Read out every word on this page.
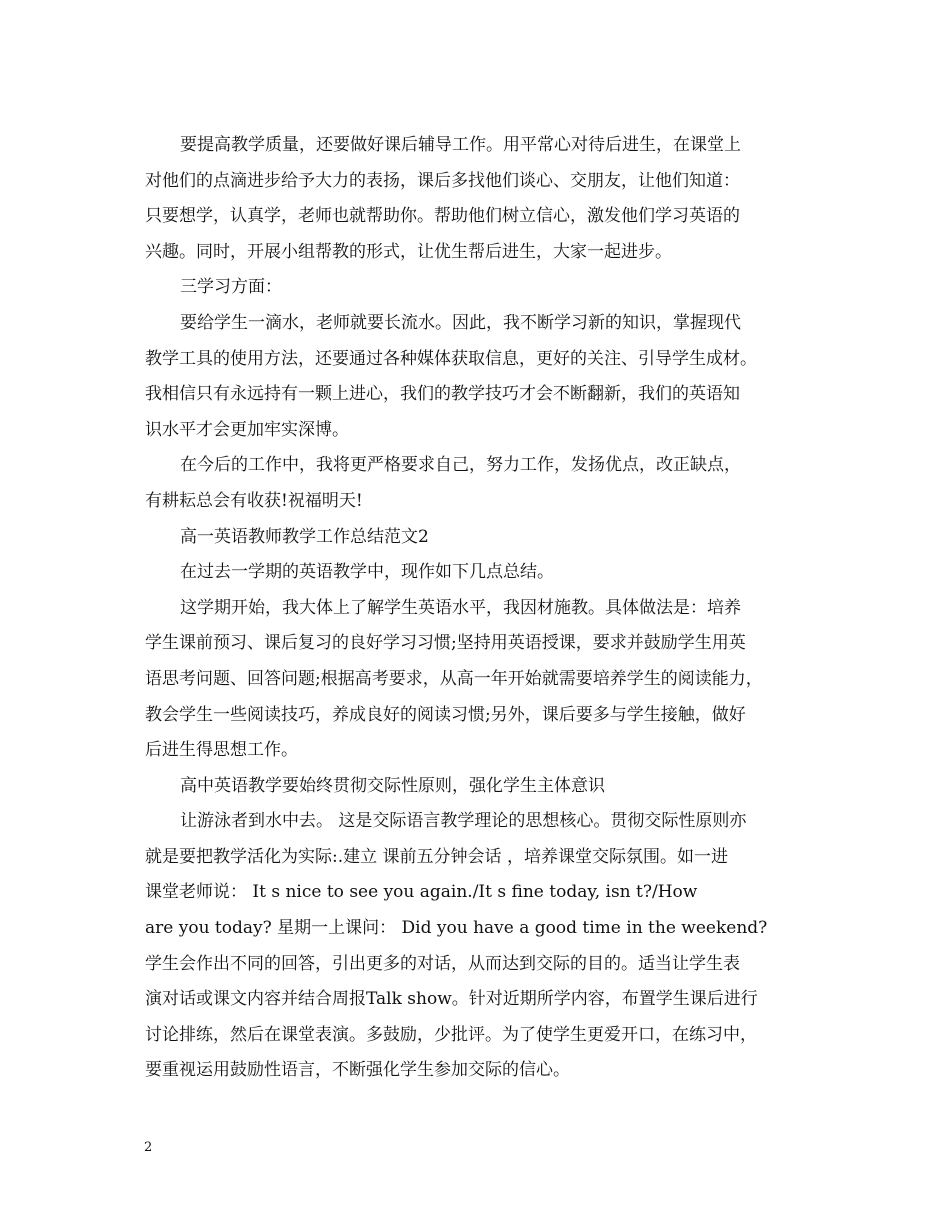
要提高教学质量，还要做好课后辅导工作。用平常心对待后进生，在课堂上
对他们的点滴进步给予大力的表扬，课后多找他们谈心、交朋友，让他们知道：
只要想学，认真学，老师也就帮助你。帮助他们树立信心，激发他们学习英语的
兴趣。同时，开展小组帮教的形式，让优生帮后进生，大家一起进步。
三学习方面：
要给学生一滴水，老师就要长流水。因此，我不断学习新的知识，掌握现代
教学工具的使用方法，还要通过各种媒体获取信息，更好的关注、引导学生成材。
我相信只有永远持有一颗上进心，我们的教学技巧才会不断翻新，我们的英语知
识水平才会更加牢实深博。
在今后的工作中，我将更严格要求自己，努力工作，发扬优点，改正缺点，
有耕耘总会有收获!祝福明天!
高一英语教师教学工作总结范文2
在过去一学期的英语教学中，现作如下几点总结。
这学期开始，我大体上了解学生英语水平，我因材施教。具体做法是：培养
学生课前预习、课后复习的良好学习习惯;坚持用英语授课，要求并鼓励学生用英
语思考问题、回答问题;根据高考要求，从高一年开始就需要培养学生的阅读能力，
教会学生一些阅读技巧，养成良好的阅读习惯;另外，课后要多与学生接触，做好
后进生得思想工作。
高中英语教学要始终贯彻交际性原则，强化学生主体意识
让游泳者到水中去。 这是交际语言教学理论的思想核心。贯彻交际性原则亦
就是要把教学活化为实际:.建立 课前五分钟会话 ，培养课堂交际氛围。如一进
课堂老师说： It s nice to see you again./It s fine today, isn t?/How
are you today? 星期一上课问： Did you have a good time in the weekend?
学生会作出不同的回答，引出更多的对话，从而达到交际的目的。适当让学生表
演对话或课文内容并结合周报Talk show。针对近期所学内容，布置学生课后进行
讨论排练，然后在课堂表演。多鼓励，少批评。为了使学生更爱开口，在练习中，
要重视运用鼓励性语言，不断强化学生参加交际的信心。
2
